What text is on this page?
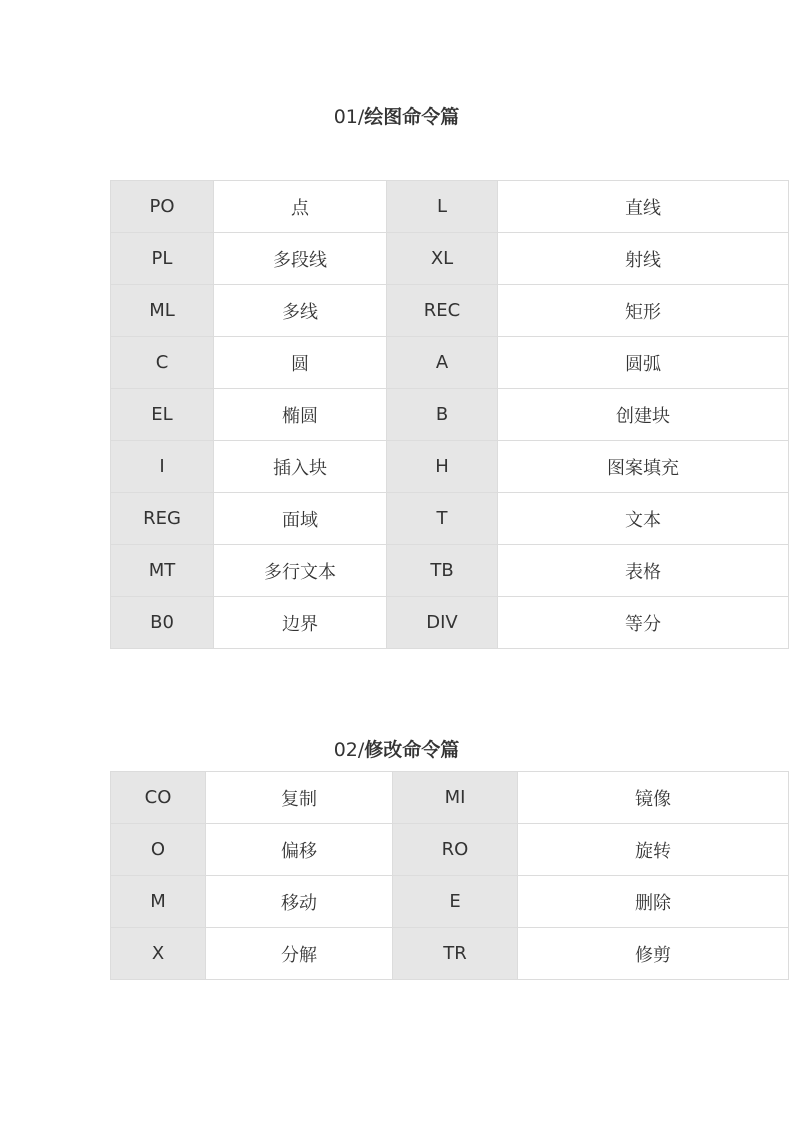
01/绘图命令篇
PO	点	L	直线
PL	多段线	XL	射线
ML	多线	REC	矩形
C	圆	A	圆弧
EL	椭圆	B	创建块
I	插入块	H	图案填充
REG	面域	T	文本
MT	多行文本	TB	表格
B0	边界	DIV	等分
02/修改命令篇
CO	复制	MI	镜像
O	偏移	RO	旋转
M	移动	E	删除
X	分解	TR	修剪
